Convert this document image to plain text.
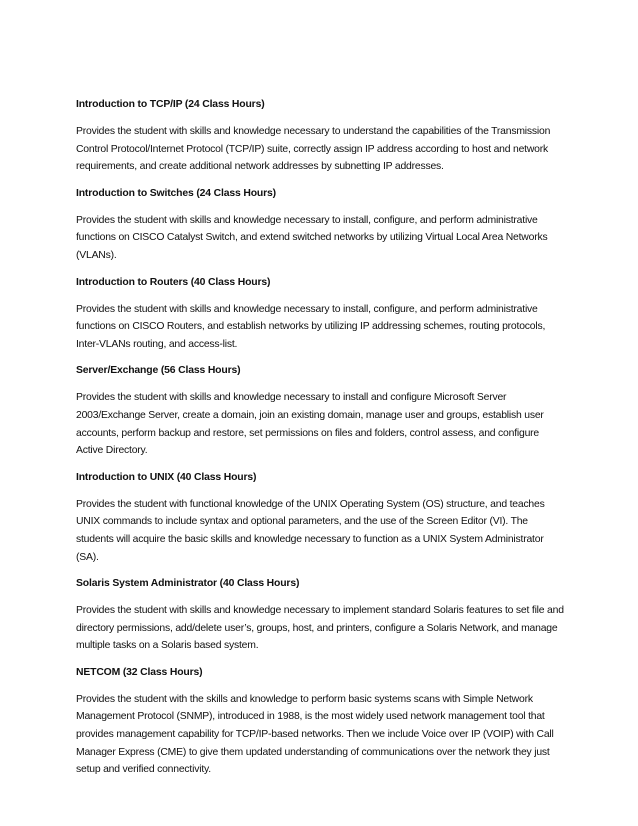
Introduction to TCP/IP (24 Class Hours)

Provides the student with skills and knowledge necessary to understand the capabilities of the Transmission Control Protocol/Internet Protocol (TCP/IP) suite, correctly assign IP address according to host and network requirements, and create additional network addresses by subnetting IP addresses.

Introduction to Switches (24 Class Hours)

Provides the student with skills and knowledge necessary to install, configure, and perform administrative functions on CISCO Catalyst Switch, and extend switched networks by utilizing Virtual Local Area Networks (VLANs).

Introduction to Routers (40 Class Hours)

Provides the student with skills and knowledge necessary to install, configure, and perform administrative functions on CISCO Routers, and establish networks by utilizing IP addressing schemes, routing protocols, Inter-VLANs routing, and access-list.

Server/Exchange (56 Class Hours)

Provides the student with skills and knowledge necessary to install and configure Microsoft Server 2003/Exchange Server, create a domain, join an existing domain, manage user and groups, establish user accounts, perform backup and restore, set permissions on files and folders, control assess, and configure Active Directory.

Introduction to UNIX (40 Class Hours)

Provides the student with functional knowledge of the UNIX Operating System (OS) structure, and teaches UNIX commands to include syntax and optional parameters, and the use of the Screen Editor (VI). The students will acquire the basic skills and knowledge necessary to function as a UNIX System Administrator (SA).

Solaris System Administrator (40 Class Hours)

Provides the student with skills and knowledge necessary to implement standard Solaris features to set file and directory permissions, add/delete user’s, groups, host, and printers, configure a Solaris Network, and manage multiple tasks on a Solaris based system.

NETCOM (32 Class Hours)

Provides the student with the skills and knowledge to perform basic systems scans with Simple Network Management Protocol (SNMP), introduced in 1988, is the most widely used network management tool that provides management capability for TCP/IP-based networks. Then we include Voice over IP (VOIP) with Call Manager Express (CME) to give them updated understanding of communications over the network they just setup and verified connectivity.
